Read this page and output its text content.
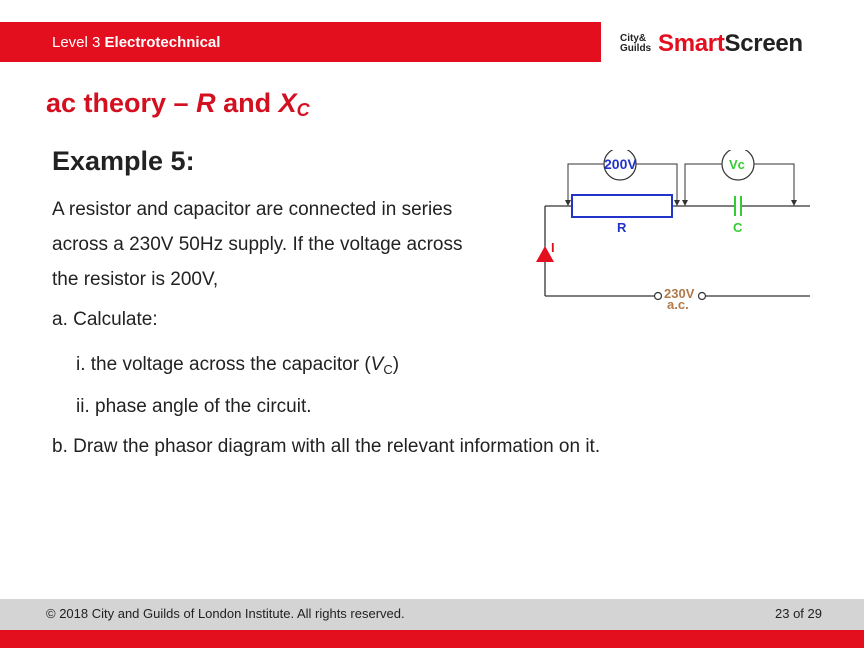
Level 3 Electrotechnical	City&
Guilds SmartScreen
ac theory – R and $X_C$
Example 5:
A resistor and capacitor are connected in series
across a 230V 50Hz supply. If the voltage across
the resistor is 200V,
a. Calculate:
i. the voltage across the capacitor $(V_C)$
ii. phase angle of the circuit.
b. Draw the phasor diagram with all the relevant information on it.
R	C
200V	Vc
I
230V
a.c.
© 2018 City and Guilds of London Institute. All rights reserved.	23 of 29
